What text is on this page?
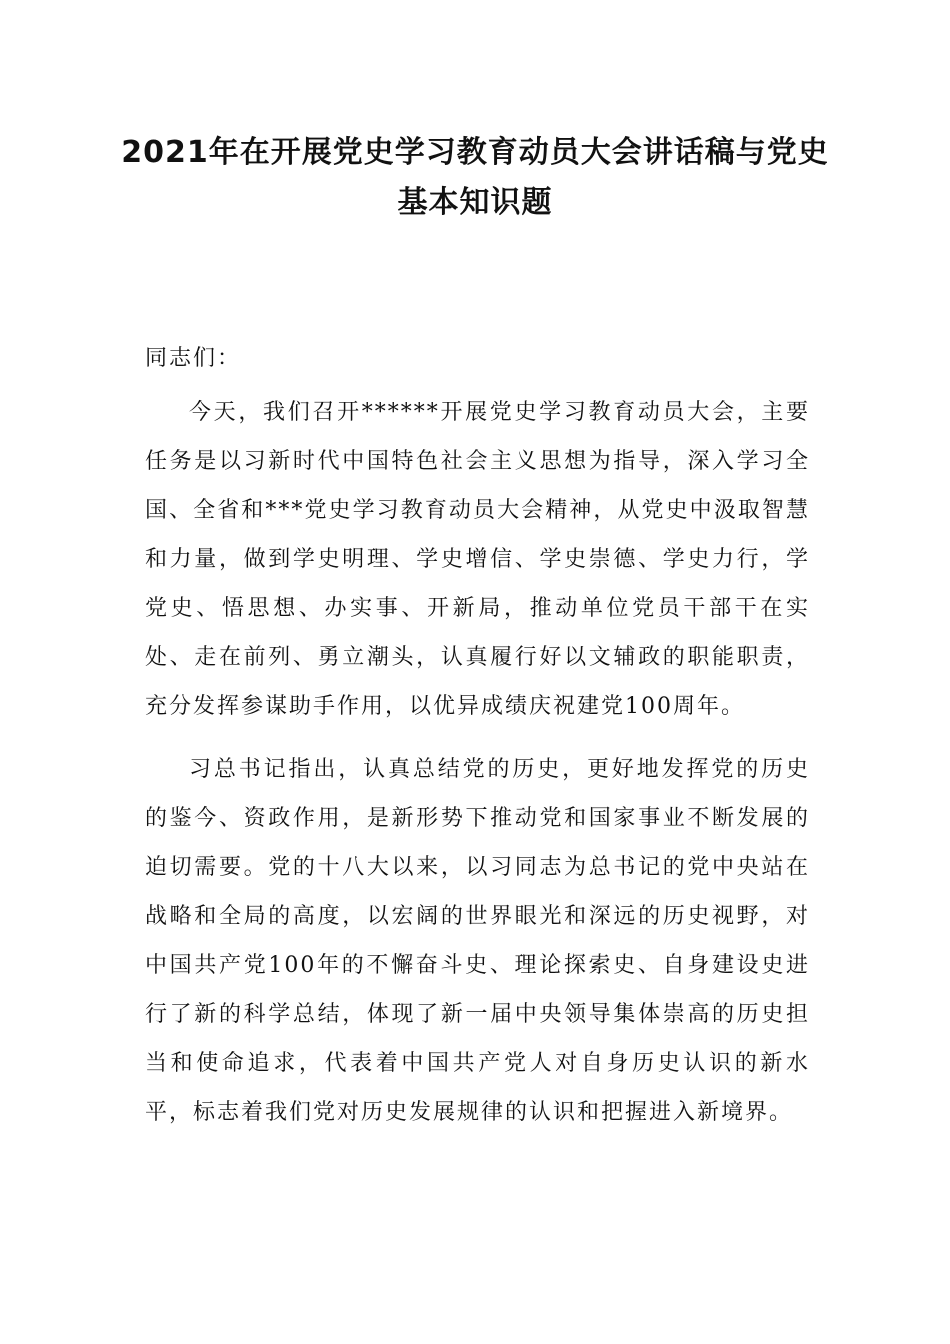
2021年在开展党史学习教育动员大会讲话稿与党史
基本知识题
同志们：

今天，我们召开******开展党史学习教育动员大会，主要任务是以习新时代中国特色社会主义思想为指导，深入学习全国、全省和***党史学习教育动员大会精神，从党史中汲取智慧和力量，做到学史明理、学史增信、学史崇德、学史力行，学党史、悟思想、办实事、开新局，推动单位党员干部干在实处、走在前列、勇立潮头，认真履行好以文辅政的职能职责，充分发挥参谋助手作用，以优异成绩庆祝建党100周年。

习总书记指出，认真总结党的历史，更好地发挥党的历史的鉴今、资政作用，是新形势下推动党和国家事业不断发展的迫切需要。党的十八大以来，以习同志为总书记的党中央站在战略和全局的高度，以宏阔的世界眼光和深远的历史视野，对中国共产党100年的不懈奋斗史、理论探索史、自身建设史进行了新的科学总结，体现了新一届中央领导集体崇高的历史担当和使命追求，代表着中国共产党人对自身历史认识的新水平，标志着我们党对历史发展规律的认识和把握进入新境界。
